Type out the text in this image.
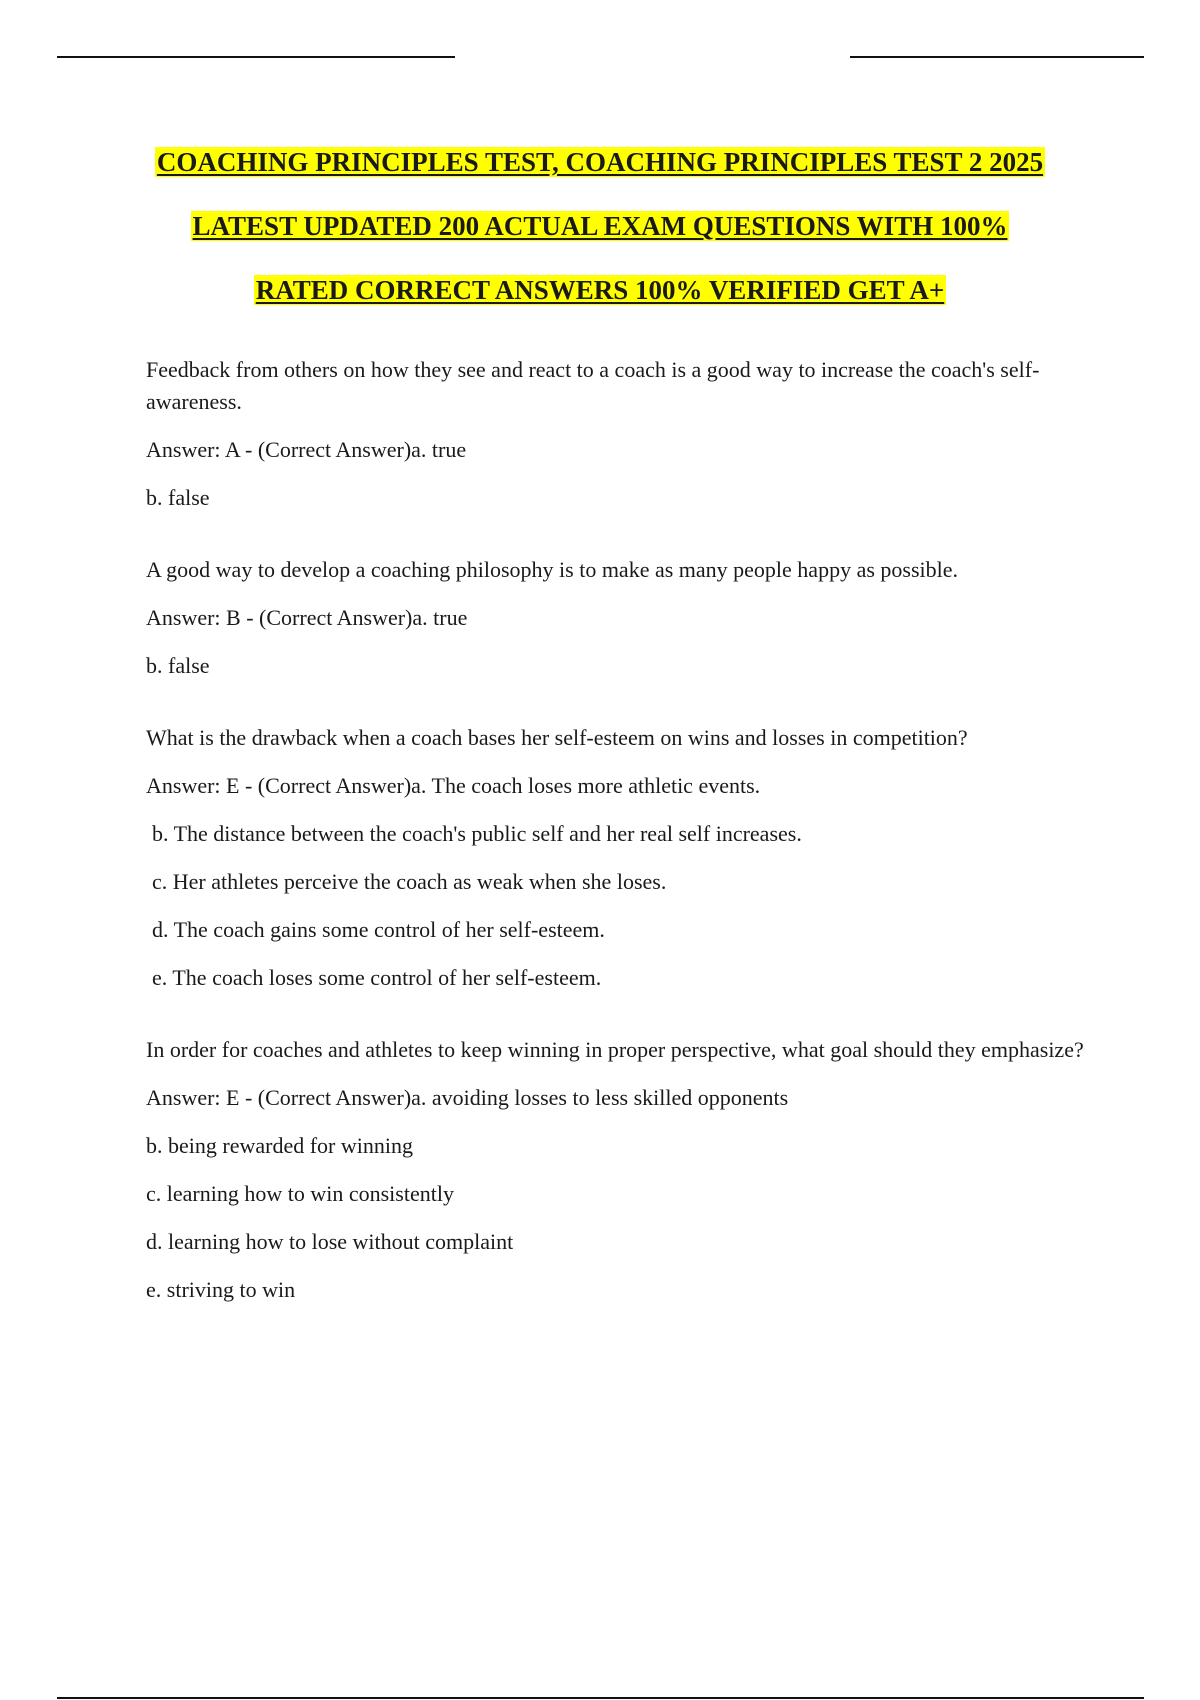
COACHING PRINCIPLES TEST, COACHING PRINCIPLES TEST 2 2025
LATEST UPDATED 200 ACTUAL EXAM QUESTIONS WITH 100%
RATED CORRECT ANSWERS 100% VERIFIED GET A+

Feedback from others on how they see and react to a coach is a good way to increase the coach's self-awareness.

Answer: A - (Correct Answer)a. true

b. false

A good way to develop a coaching philosophy is to make as many people happy as possible.

Answer: B - (Correct Answer)a. true

b. false

What is the drawback when a coach bases her self-esteem on wins and losses in competition?

Answer: E - (Correct Answer)a. The coach loses more athletic events.

b. The distance between the coach's public self and her real self increases.

c. Her athletes perceive the coach as weak when she loses.

d. The coach gains some control of her self-esteem.

e. The coach loses some control of her self-esteem.

In order for coaches and athletes to keep winning in proper perspective, what goal should they emphasize?

Answer: E - (Correct Answer)a. avoiding losses to less skilled opponents

b. being rewarded for winning

c. learning how to win consistently

d. learning how to lose without complaint

e. striving to win
